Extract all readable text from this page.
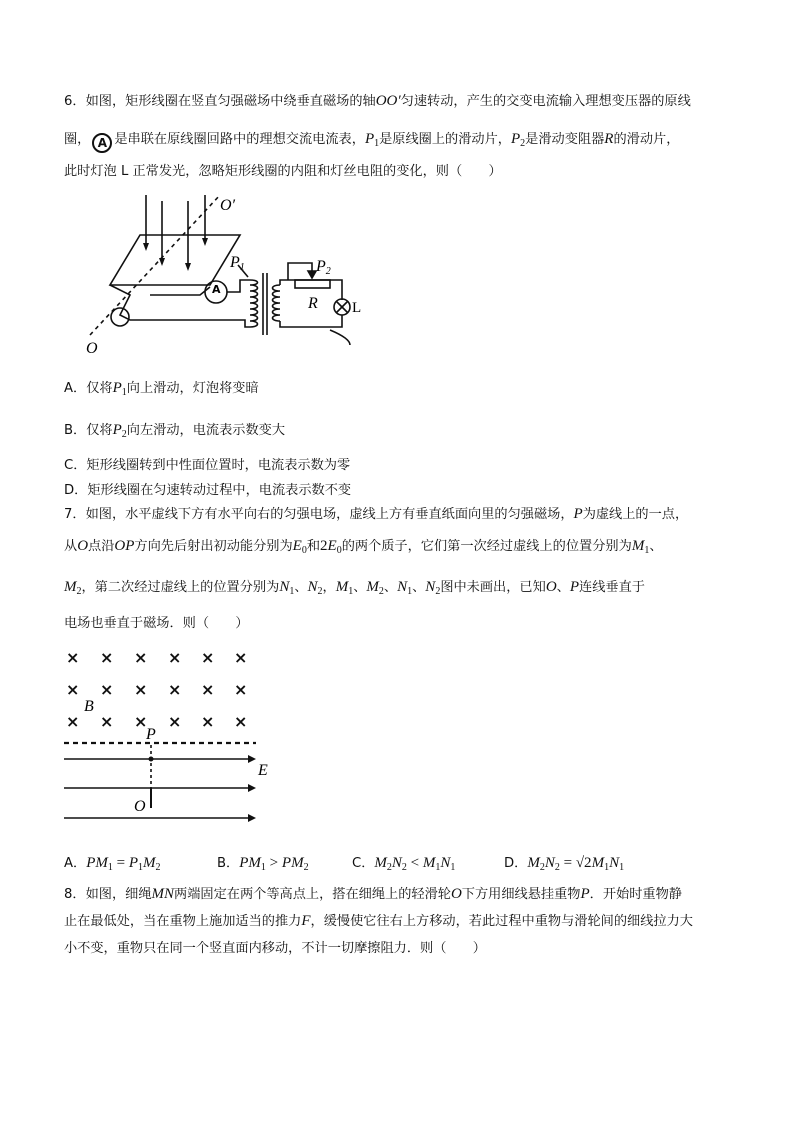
6．如图，矩形线圈在竖直匀强磁场中绕垂直磁场的轴OO′匀速转动，产生的交变电流输入理想变压器的原线
圈， A 是串联在原线圈回路中的理想交流电流表，$P_1$是原线圈上的滑动片，$P_2$是滑动变阻器R的滑动片，
此时灯泡 L 正常发光，忽略矩形线圈的内阻和灯丝电阻的变化，则（　　）
A
O′
O
P1	P2
R L
A．仅将$P_1$向上滑动，灯泡将变暗
B．仅将$P_2$向左滑动，电流表示数变大
C．矩形线圈转到中性面位置时，电流表示数为零
D．矩形线圈在匀速转动过程中，电流表示数不变
7．如图，水平虚线下方有水平向右的匀强电场，虚线上方有垂直纸面向里的匀强磁场，P为虚线上的一点，
从O点沿OP方向先后射出初动能分别为$E_0$和$2E_0$的两个质子，它们第一次经过虚线上的位置分别为$M_1$、
$M_2$，第二次经过虚线上的位置分别为$N_1$、$N_2$，$M_1$、$M_2$、$N_1$、$N_2$图中未画出，已知O、P连线垂直于
电场也垂直于磁场．则（　　）
× × × × × ×
× × × × × ×
× × × × × ×
B
P
E
O
A．$PM_1 = P_1M_2$	B．$PM_1 > PM_2$	C．$M_2N_2 < M_1N_1$	D．$M_2N_2 = √2M_1N_1$
8．如图，细绳MN两端固定在两个等高点上，搭在细绳上的轻滑轮O下方用细线悬挂重物P．开始时重物静
止在最低处，当在重物上施加适当的推力F，缓慢使它往右上方移动，若此过程中重物与滑轮间的细线拉力大
小不变，重物只在同一个竖直面内移动，不计一切摩擦阻力．则（　　）
